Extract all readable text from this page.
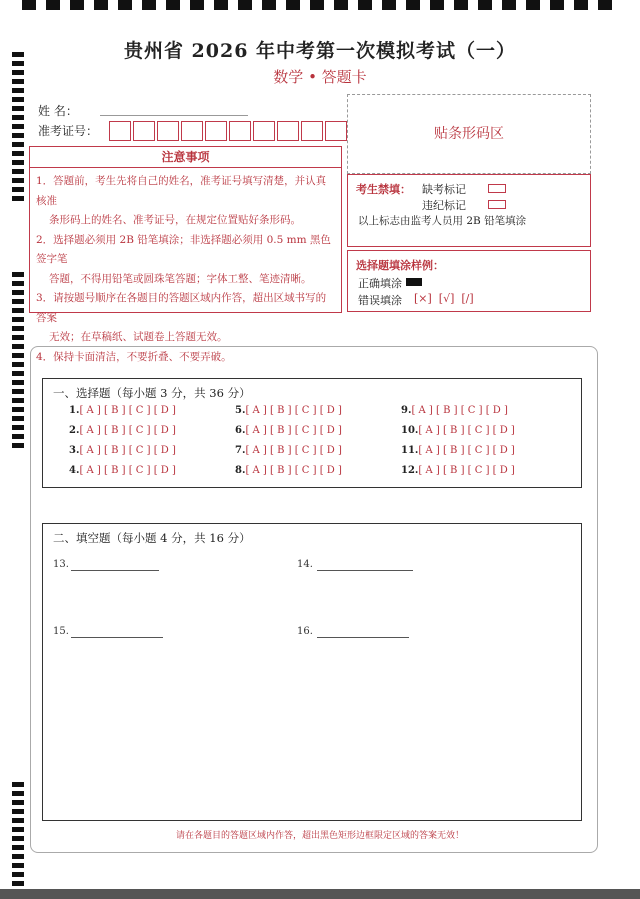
贵州省 2026 年中考第一次模拟考试（一）
数学 • 答题卡
姓 名：
准考证号：
注意事项
1．答题前，考生先将自己的姓名，准考证号填写清楚，并认真核准
条形码上的姓名、准考证号，在规定位置贴好条形码。
2．选择题必须用 2B 铅笔填涂；非选择题必须用 0.5 mm 黑色签字笔
答题，不得用铅笔或圆珠笔答题；字体工整、笔迹清晰。
3．请按题号顺序在各题目的答题区域内作答，超出区域书写的答案
无效；在草稿纸、试题卷上答题无效。
4．保持卡面清洁，不要折叠、不要弄破。
贴条形码区
考生禁填： 缺考标记
违纪标记
以上标志由监考人员用 2B 铅笔填涂
选择题填涂样例：
正确填涂
错误填涂 [×]  [√]  [/]
一、选择题（每小题 3 分，共 36 分）
1.[ A ] [ B ] [ C ] [ D ]
2.[ A ] [ B ] [ C ] [ D ]
3.[ A ] [ B ] [ C ] [ D ]
4.[ A ] [ B ] [ C ] [ D ]
5.[ A ] [ B ] [ C ] [ D ]
6.[ A ] [ B ] [ C ] [ D ]
7.[ A ] [ B ] [ C ] [ D ]
8.[ A ] [ B ] [ C ] [ D ]
9.[ A ] [ B ] [ C ] [ D ]
10.[ A ] [ B ] [ C ] [ D ]
11.[ A ] [ B ] [ C ] [ D ]
12.[ A ] [ B ] [ C ] [ D ]
二、填空题（每小题 4 分，共 16 分）
13.	14.
15.	16.
请在各题目的答题区域内作答，超出黑色矩形边框限定区域的答案无效！
